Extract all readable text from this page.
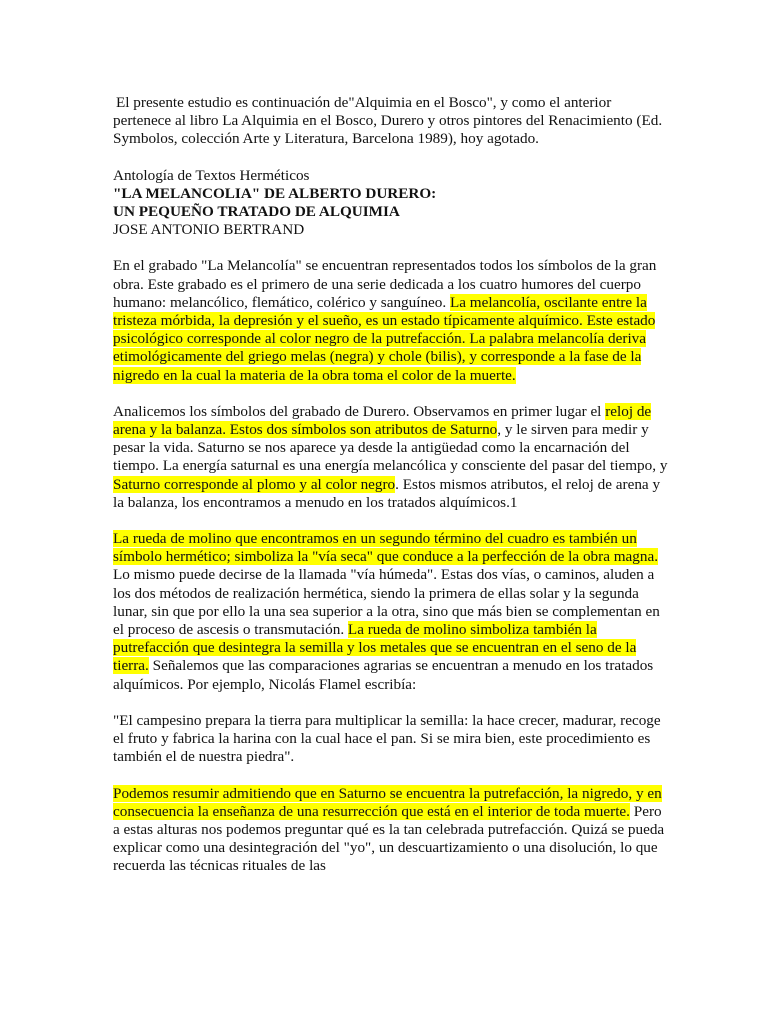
El presente estudio es continuación de"Alquimia en el Bosco", y como el anterior pertenece al libro La Alquimia en el Bosco, Durero y otros pintores del Renacimiento (Ed. Symbolos, colección Arte y Literatura, Barcelona 1989), hoy agotado.

Antología de Textos Herméticos

"LA MELANCOLIA" DE ALBERTO DURERO:

UN PEQUEÑO TRATADO DE ALQUIMIA

JOSE ANTONIO BERTRAND

En el grabado "La Melancolía" se encuentran representados todos los símbolos de la gran obra. Este grabado es el primero de una serie dedicada a los cuatro humores del cuerpo humano: melancólico, flemático, colérico y sanguíneo. La melancolía, oscilante entre la tristeza mórbida, la depresión y el sueño, es un estado típicamente alquímico. Este estado psicológico corresponde al color negro de la putrefacción. La palabra melancolía deriva etimológicamente del griego melas (negra) y chole (bilis), y corresponde a la fase de la nigredo en la cual la materia de la obra toma el color de la muerte.

Analicemos los símbolos del grabado de Durero. Observamos en primer lugar el reloj de arena y la balanza. Estos dos símbolos son atributos de Saturno, y le sirven para medir y pesar la vida. Saturno se nos aparece ya desde la antigüedad como la encarnación del tiempo. La energía saturnal es una energía melancólica y consciente del pasar del tiempo, y Saturno corresponde al plomo y al color negro. Estos mismos atributos, el reloj de arena y la balanza, los encontramos a menudo en los tratados alquímicos.1

La rueda de molino que encontramos en un segundo término del cuadro es también un símbolo hermético; simboliza la "vía seca" que conduce a la perfección de la obra magna. Lo mismo puede decirse de la llamada "vía húmeda". Estas dos vías, o caminos, aluden a los dos métodos de realización hermética, siendo la primera de ellas solar y la segunda lunar, sin que por ello la una sea superior a la otra, sino que más bien se complementan en el proceso de ascesis o transmutación. La rueda de molino simboliza también la putrefacción que desintegra la semilla y los metales que se encuentran en el seno de la tierra. Señalemos que las comparaciones agrarias se encuentran a menudo en los tratados alquímicos. Por ejemplo, Nicolás Flamel escribía:

"El campesino prepara la tierra para multiplicar la semilla: la hace crecer, madurar, recoge el fruto y fabrica la harina con la cual hace el pan. Si se mira bien, este procedimiento es también el de nuestra piedra".

Podemos resumir admitiendo que en Saturno se encuentra la putrefacción, la nigredo, y en consecuencia la enseñanza de una resurrección que está en el interior de toda muerte. Pero a estas alturas nos podemos preguntar qué es la tan celebrada putrefacción. Quizá se pueda explicar como una desintegración del "yo", un descuartizamiento o una disolución, lo que recuerda las técnicas rituales de las
